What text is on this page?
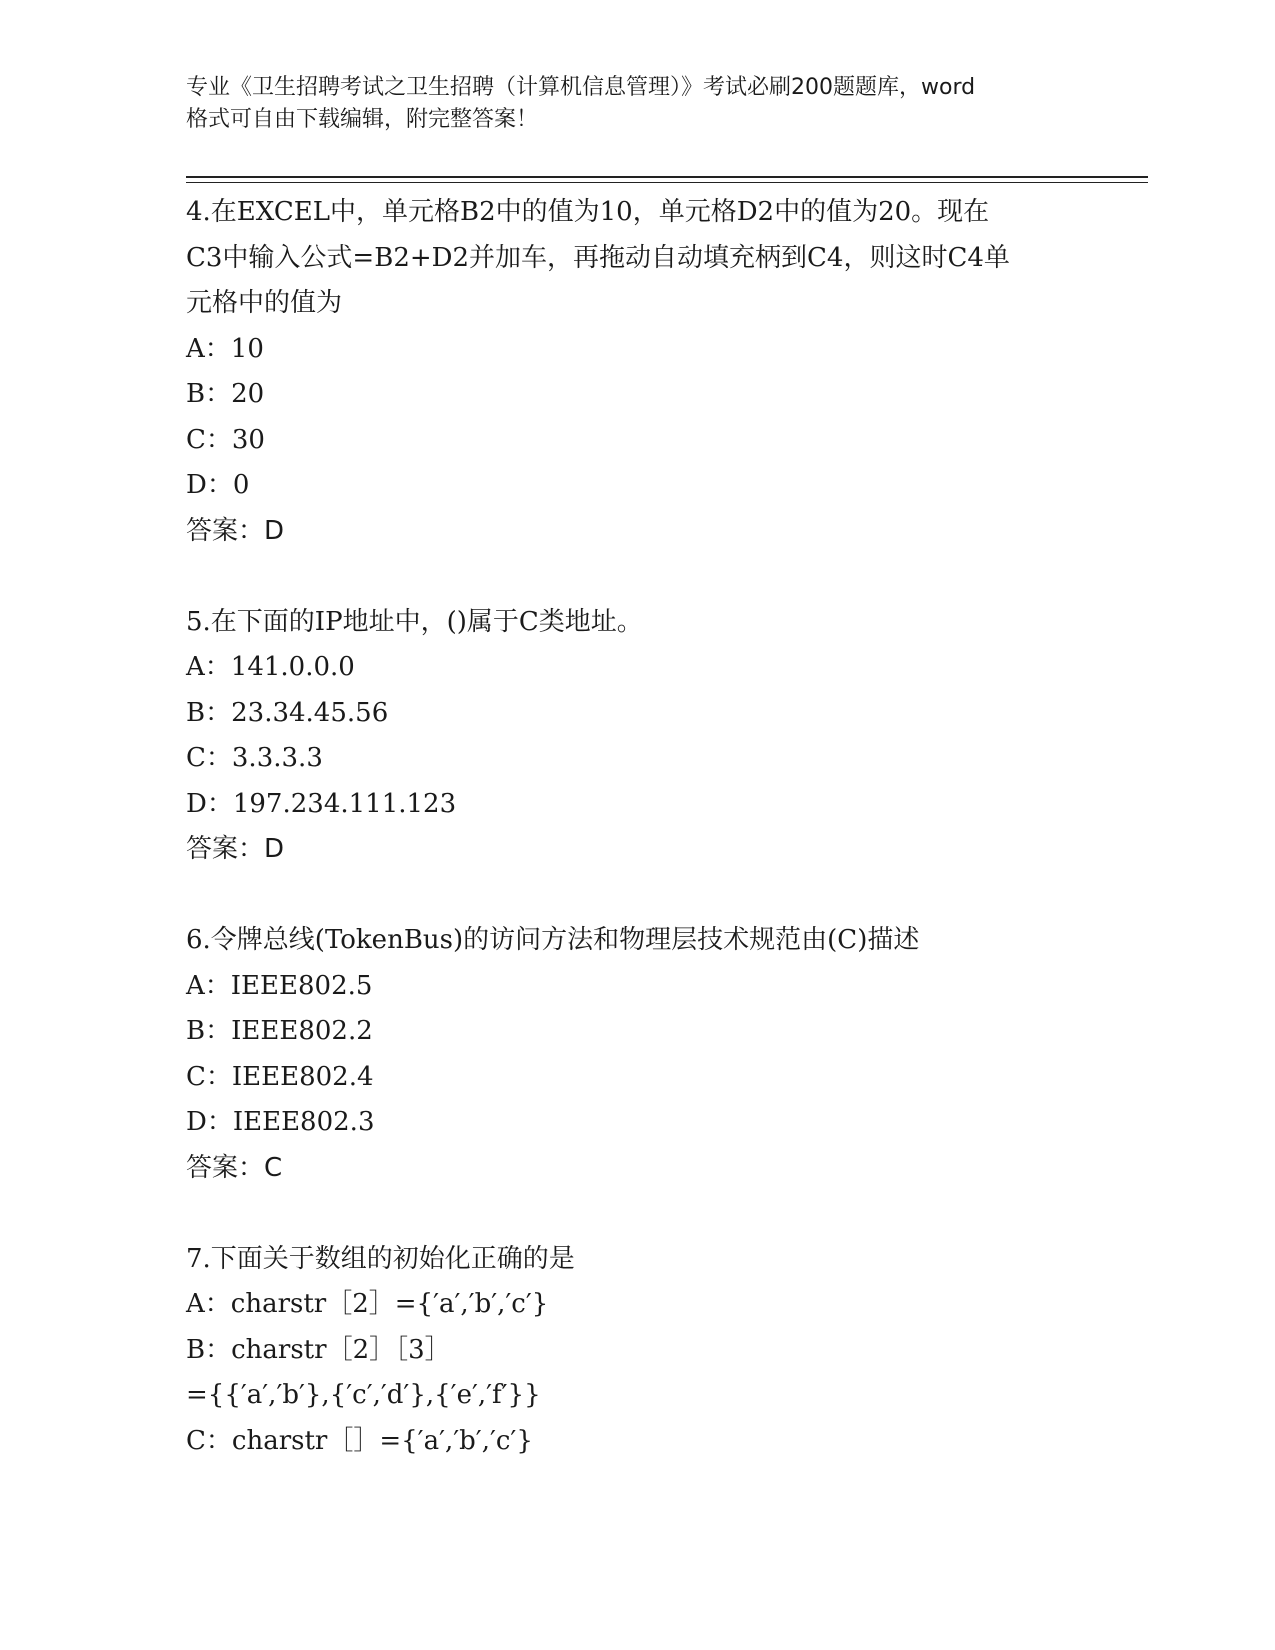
专业《卫生招聘考试之卫生招聘（计算机信息管理）》考试必刷200题题库，word
格式可自由下载编辑，附完整答案！
4.在EXCEL中，单元格B2中的值为10，单元格D2中的值为20。现在
C3中输入公式=B2+D2并加车，再拖动自动填充柄到C4，则这时C4单
元格中的值为
A：10
B：20
C：30
D：0
答案：D
5.在下面的IP地址中，()属于C类地址。
A：141.0.0.0
B：23.34.45.56
C：3.3.3.3
D：197.234.111.123
答案：D
6.令牌总线(TokenBus)的访问方法和物理层技术规范由(C)描述
A：IEEE802.5
B：IEEE802.2
C：IEEE802.4
D：IEEE802.3
答案：C
7.下面关于数组的初始化正确的是
A：charstr［2］={′a′,′b′,′c′}
B：charstr［2］［3］
={{′a′,′b′},{′c′,′d′},{′e′,′f′}}
C：charstr［］={′a′,′b′,′c′}
